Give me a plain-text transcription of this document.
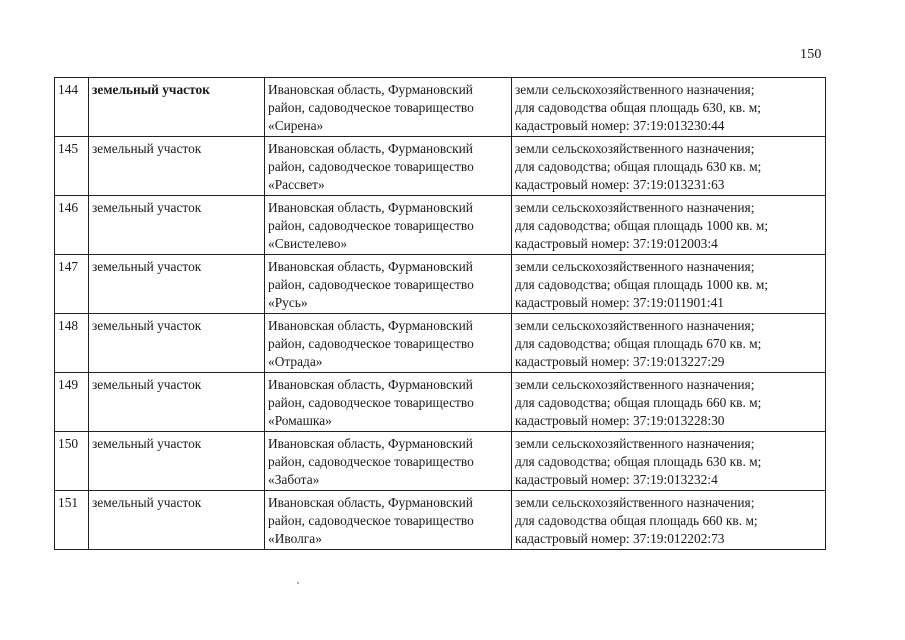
150
144	земельный участок	Ивановская область, Фурмановский
район, садоводческое товарищество
«Сирена»	земли сельскохозяйственного назначения;
для садоводства общая площадь 630, кв. м;
кадастровый номер: 37:19:013230:44

145	земельный участок	Ивановская область, Фурмановский
район, садоводческое товарищество
«Рассвет»	земли сельскохозяйственного назначения;
для садоводства; общая площадь 630 кв. м;
кадастровый номер: 37:19:013231:63

146	земельный участок	Ивановская область, Фурмановский
район, садоводческое товарищество
«Свистелево»	земли сельскохозяйственного назначения;
для садоводства; общая площадь 1000 кв. м;
кадастровый номер: 37:19:012003:4

147	земельный участок	Ивановская область, Фурмановский
район, садоводческое товарищество
«Русь»	земли сельскохозяйственного назначения;
для садоводства; общая площадь 1000 кв. м;
кадастровый номер: 37:19:011901:41

148	земельный участок	Ивановская область, Фурмановский
район, садоводческое товарищество
«Отрада»	земли сельскохозяйственного назначения;
для садоводства; общая площадь 670 кв. м;
кадастровый номер: 37:19:013227:29

149	земельный участок	Ивановская область, Фурмановский
район, садоводческое товарищество
«Ромашка»	земли сельскохозяйственного назначения;
для садоводства; общая площадь 660 кв. м;
кадастровый номер: 37:19:013228:30

150	земельный участок	Ивановская область, Фурмановский
район, садоводческое товарищество
«Забота»	земли сельскохозяйственного назначения;
для садоводства; общая площадь 630 кв. м;
кадастровый номер: 37:19:013232:4

151	земельный участок	Ивановская область, Фурмановский
район, садоводческое товарищество
«Иволга»	земли сельскохозяйственного назначения;
для садоводства общая площадь 660 кв. м;
кадастровый номер: 37:19:012202:73
